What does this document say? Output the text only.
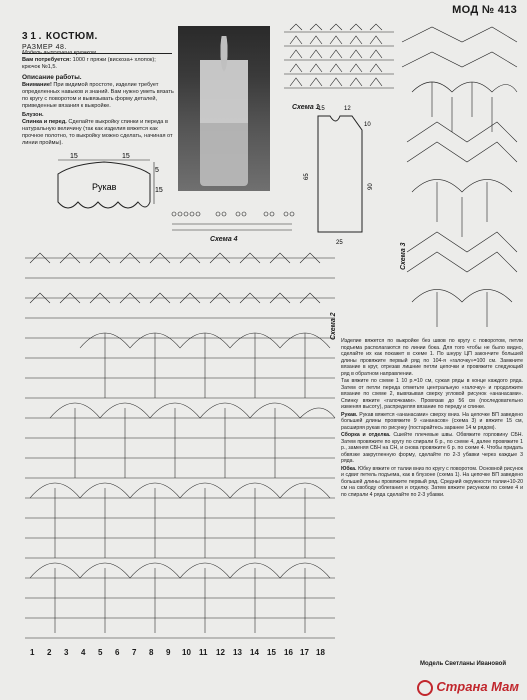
МОД № 413
3 1 . КОСТЮМ.
РАЗМЕР 48.
Модель выполнена крючком.
Вам потребуется: 1000 г пряжи (вискоза+ хлопок); крючок №1,5.
Описание работы.
Внимание! При видимой простоте, изделие требует определенных навыков и знаний. Вам нужно уметь вязать по кругу с поворотом и вывязывать форму деталей, приведенные вязания к выкройке.
Блузон.
Спинка и перед. Сделайте выкройку спинки и переда в натуральную величину (так как изделия вяжется как прочное полотно, то выкройку можно сделать, начиная от линии проймы).
15	15
5
15
Рукав
15	12
10
65
90
25
Схема 1
Схема 3
Схема 4
Схема 2
1 2 3 4 5 6 7 8 9 10 11 12 13 14 15 16 17 18

Изделие вяжется по выкройке без швов по кругу с поворотом, петли подъема располагаются по линии бока. Для того чтобы не было видно, сделайте их как покажет в схеме 1. По шнуру ЦП закончите большей длины провяжите первый ряд по 104-я «галочку»=100 см. Замкните вязание в круг, отрезав лишние петли цепочки и провяжите следующий ряд в обратном направлении.

Так вяжите по схеме 1 10 р.=10 см, сужая ряды в конце каждого ряда. Затем от петли переда отметьте центральную «галочку» и продолжите вязание по схеме 2, вывязывая сверху угловой рисунок «ананасами». Спинку вяжите «галочками». Провязав до 56 см (последовательно изменяя высоту), распределяя вязание по переду и спинке.

Рукав. Рукав вяжется «ананасами» сверху вниз. На цепочке ВП заведено большей длины провяжите 9 «ананасов» (схема 3) и вяжите 15 см, расширяя рукав по рисунку (постарайтесь заранее 14 м рядом).

Сборка и отделка. Сшейте плечевые швы. Обвяжите горловину СБН. Затем провяжите по кругу по спирали 6 р., по схеме 4, далее провяжите 1 р., заменяя СБН на СН, и снова провяжите 6 р. по схеме 4. Чтобы придать обвязке закругленную форму, сделайте по 2-3 убавки через каждые 3 ряда.

Юбка. Юбку вяжите от талии вниз по кругу с поворотом. Основной рисунок и сдвиг петель подъема, как в блузоне (схема 1). На цепочке ВП заведено большей длины провяжите первый ряд. Средний окружности талии+10-20 см на свободу облегания и отделку. Затем вяжите рисунком по схеме 4 и по спирали 4 ряда сделайте по 2-3 убавки.

Модель Светланы Ивановой
Страна Мам
